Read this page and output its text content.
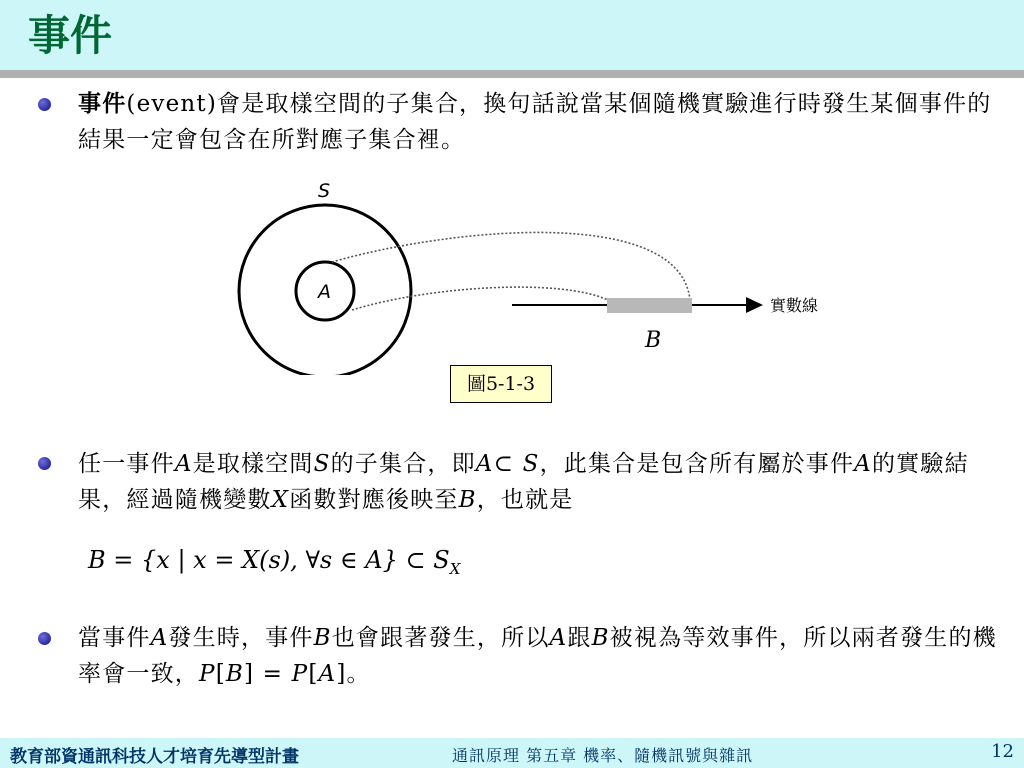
事件
事件(event)會是取樣空間的子集合，換句話說當某個隨機實驗進行時發生某個事件的結果一定會包含在所對應子集合裡。
S
A
實數線
B
圖5-1-3
任一事件A是取樣空間S的子集合，即A⊂ S，此集合是包含所有屬於事件A的實驗結果，經過隨機變數X函數對應後映至B，也就是
B = {x | x = X(s), ∀s ∈ A} ⊂ $S_X$
當事件A發生時，事件B也會跟著發生，所以A跟B被視為等效事件，所以兩者發生的機率會一致，P[B] = P[A]。
教育部資通訊科技人才培育先導型計畫	通訊原理 第五章 機率、隨機訊號與雜訊	12
